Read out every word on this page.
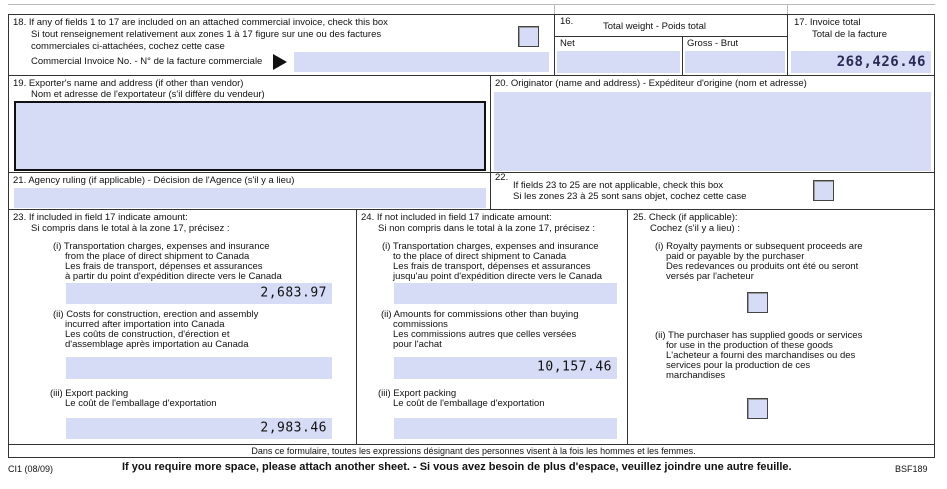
18. If any of fields 1 to 17 are included on an attached commercial invoice, check this box
Si tout renseignement relativement aux zones 1 à 17 figure sur une ou des factures
commerciales ci-attachées, cochez cette case
Commercial Invoice No. - N° de la facture commerciale
16.	Total weight - Poids total
Net	Gross - Brut
17. Invoice total
Total de la facture
268,426.46
19. Exporter's name and address (if other than vendor)
Nom et adresse de l'exportateur (s'il diffère du vendeur)
20. Originator (name and address) - Expéditeur d'origine (nom et adresse)
21. Agency ruling (if applicable) - Décision de l'Agence (s'il y a lieu)	22.
If fields 23 to 25 are not applicable, check this box
Si les zones 23 à 25 sont sans objet, cochez cette case
23. If included in field 17 indicate amount:
Si compris dans le total à la zone 17, précisez :
(i) Transportation charges, expenses and insurance
from the place of direct shipment to Canada
Les frais de transport, dépenses et assurances
à partir du point d'expédition directe vers le Canada
2,683.97
(ii) Costs for construction, erection and assembly
incurred after importation into Canada
Les coûts de construction, d'érection et
d'assemblage après importation au Canada
(iii) Export packing
Le coût de l'emballage d'exportation
2,983.46
24. If not included in field 17 indicate amount:
Si non compris dans le total à la zone 17, précisez :
(i) Transportation charges, expenses and insurance
to the place of direct shipment to Canada
Les frais de transport, dépenses et assurances
jusqu'au point d'expédition directe vers le Canada
(ii) Amounts for commissions other than buying
commissions
Les commissions autres que celles versées
pour l'achat
10,157.46
(iii) Export packing
Le coût de l'emballage d'exportation
25. Check (if applicable):
Cochez (s'il y a lieu) :
(i) Royalty payments or subsequent proceeds are
paid or payable by the purchaser
Des redevances ou produits ont été ou seront
versés par l'acheteur
(ii) The purchaser has supplied goods or services
for use in the production of these goods
L'acheteur a fourni des marchandises ou des
services pour la production de ces
marchandises
Dans ce formulaire, toutes les expressions désignant des personnes visent à la fois les hommes et les femmes.
CI1 (08/09)	If you require more space, please attach another sheet. - Si vous avez besoin de plus d'espace, veuillez joindre une autre feuille.	BSF189
